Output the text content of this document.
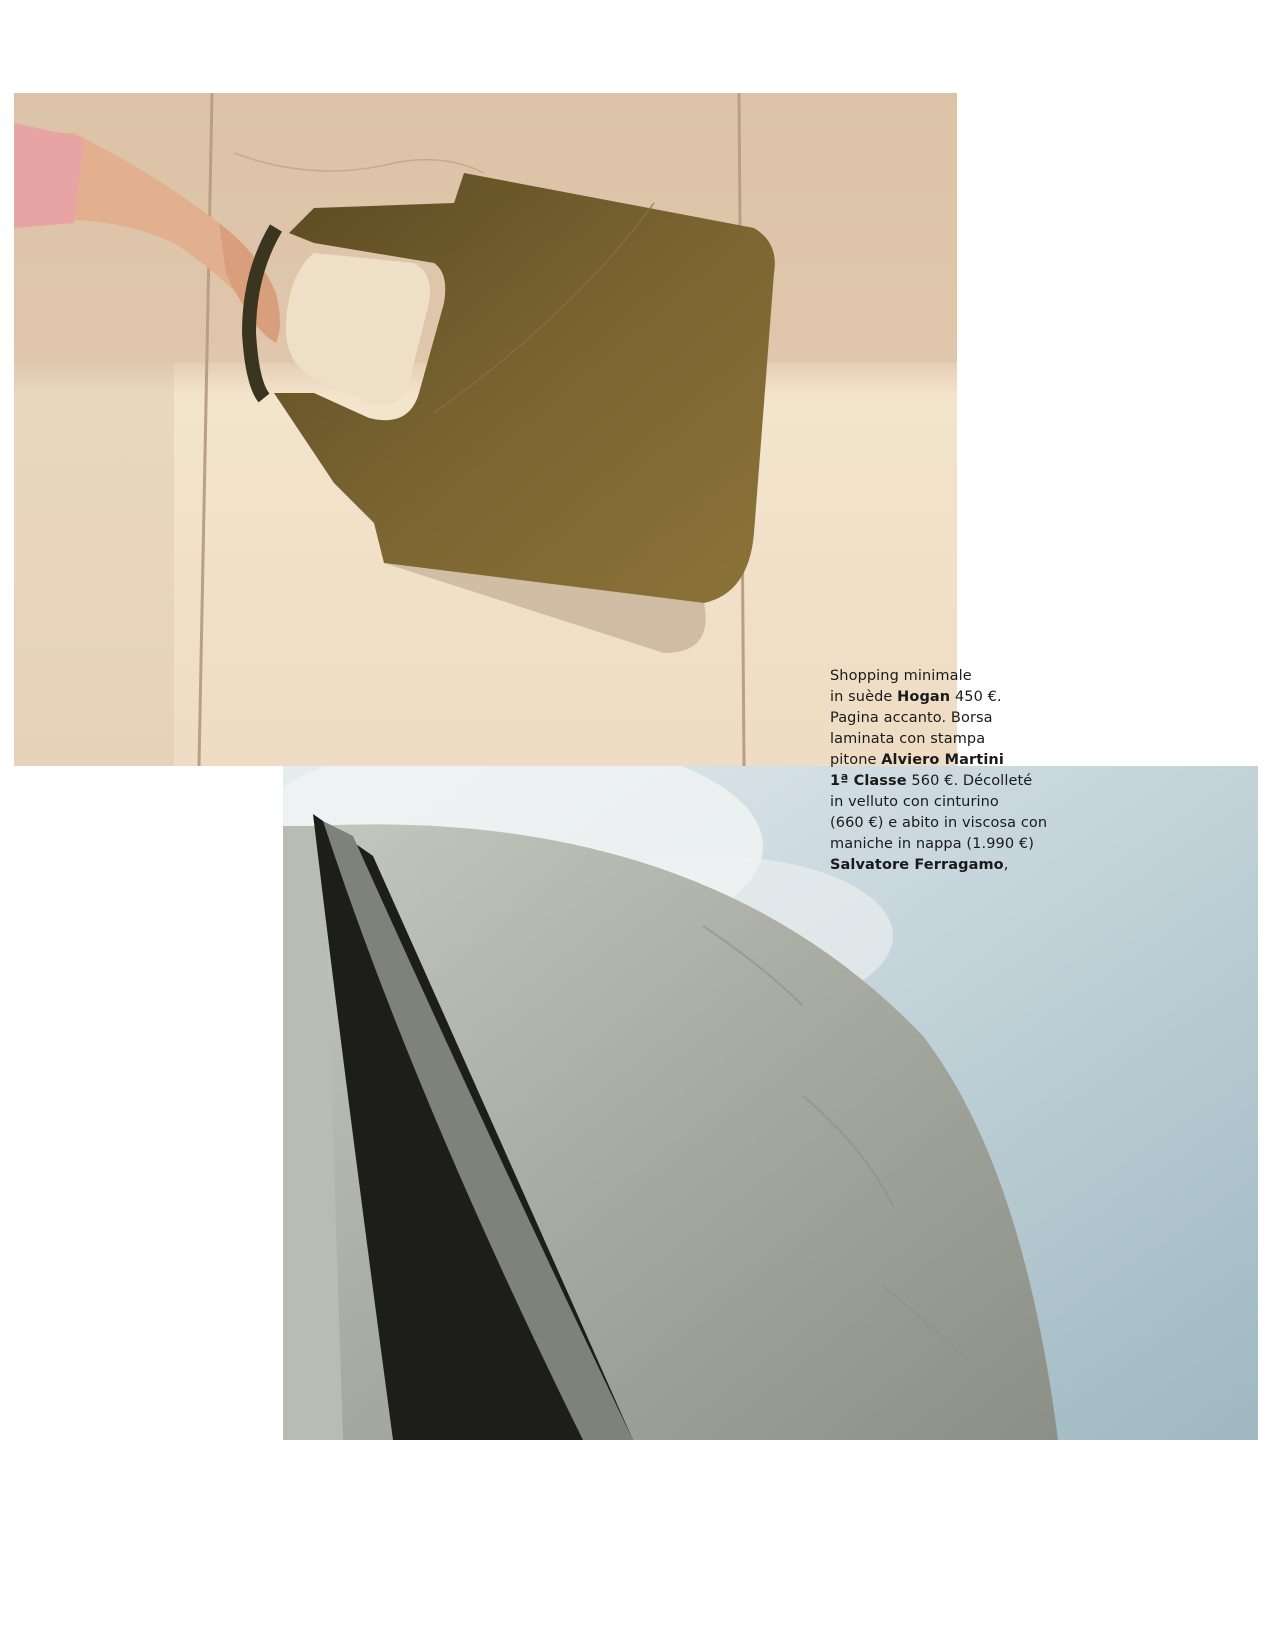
Shopping minimale
in suède Hogan 450 €.
Pagina accanto. Borsa
laminata con stampa
pitone Alviero Martini
1ª Classe 560 €. Décolleté
in velluto con cinturino
(660 €) e abito in viscosa con
maniche in nappa (1.990 €)
Salvatore Ferragamo,
